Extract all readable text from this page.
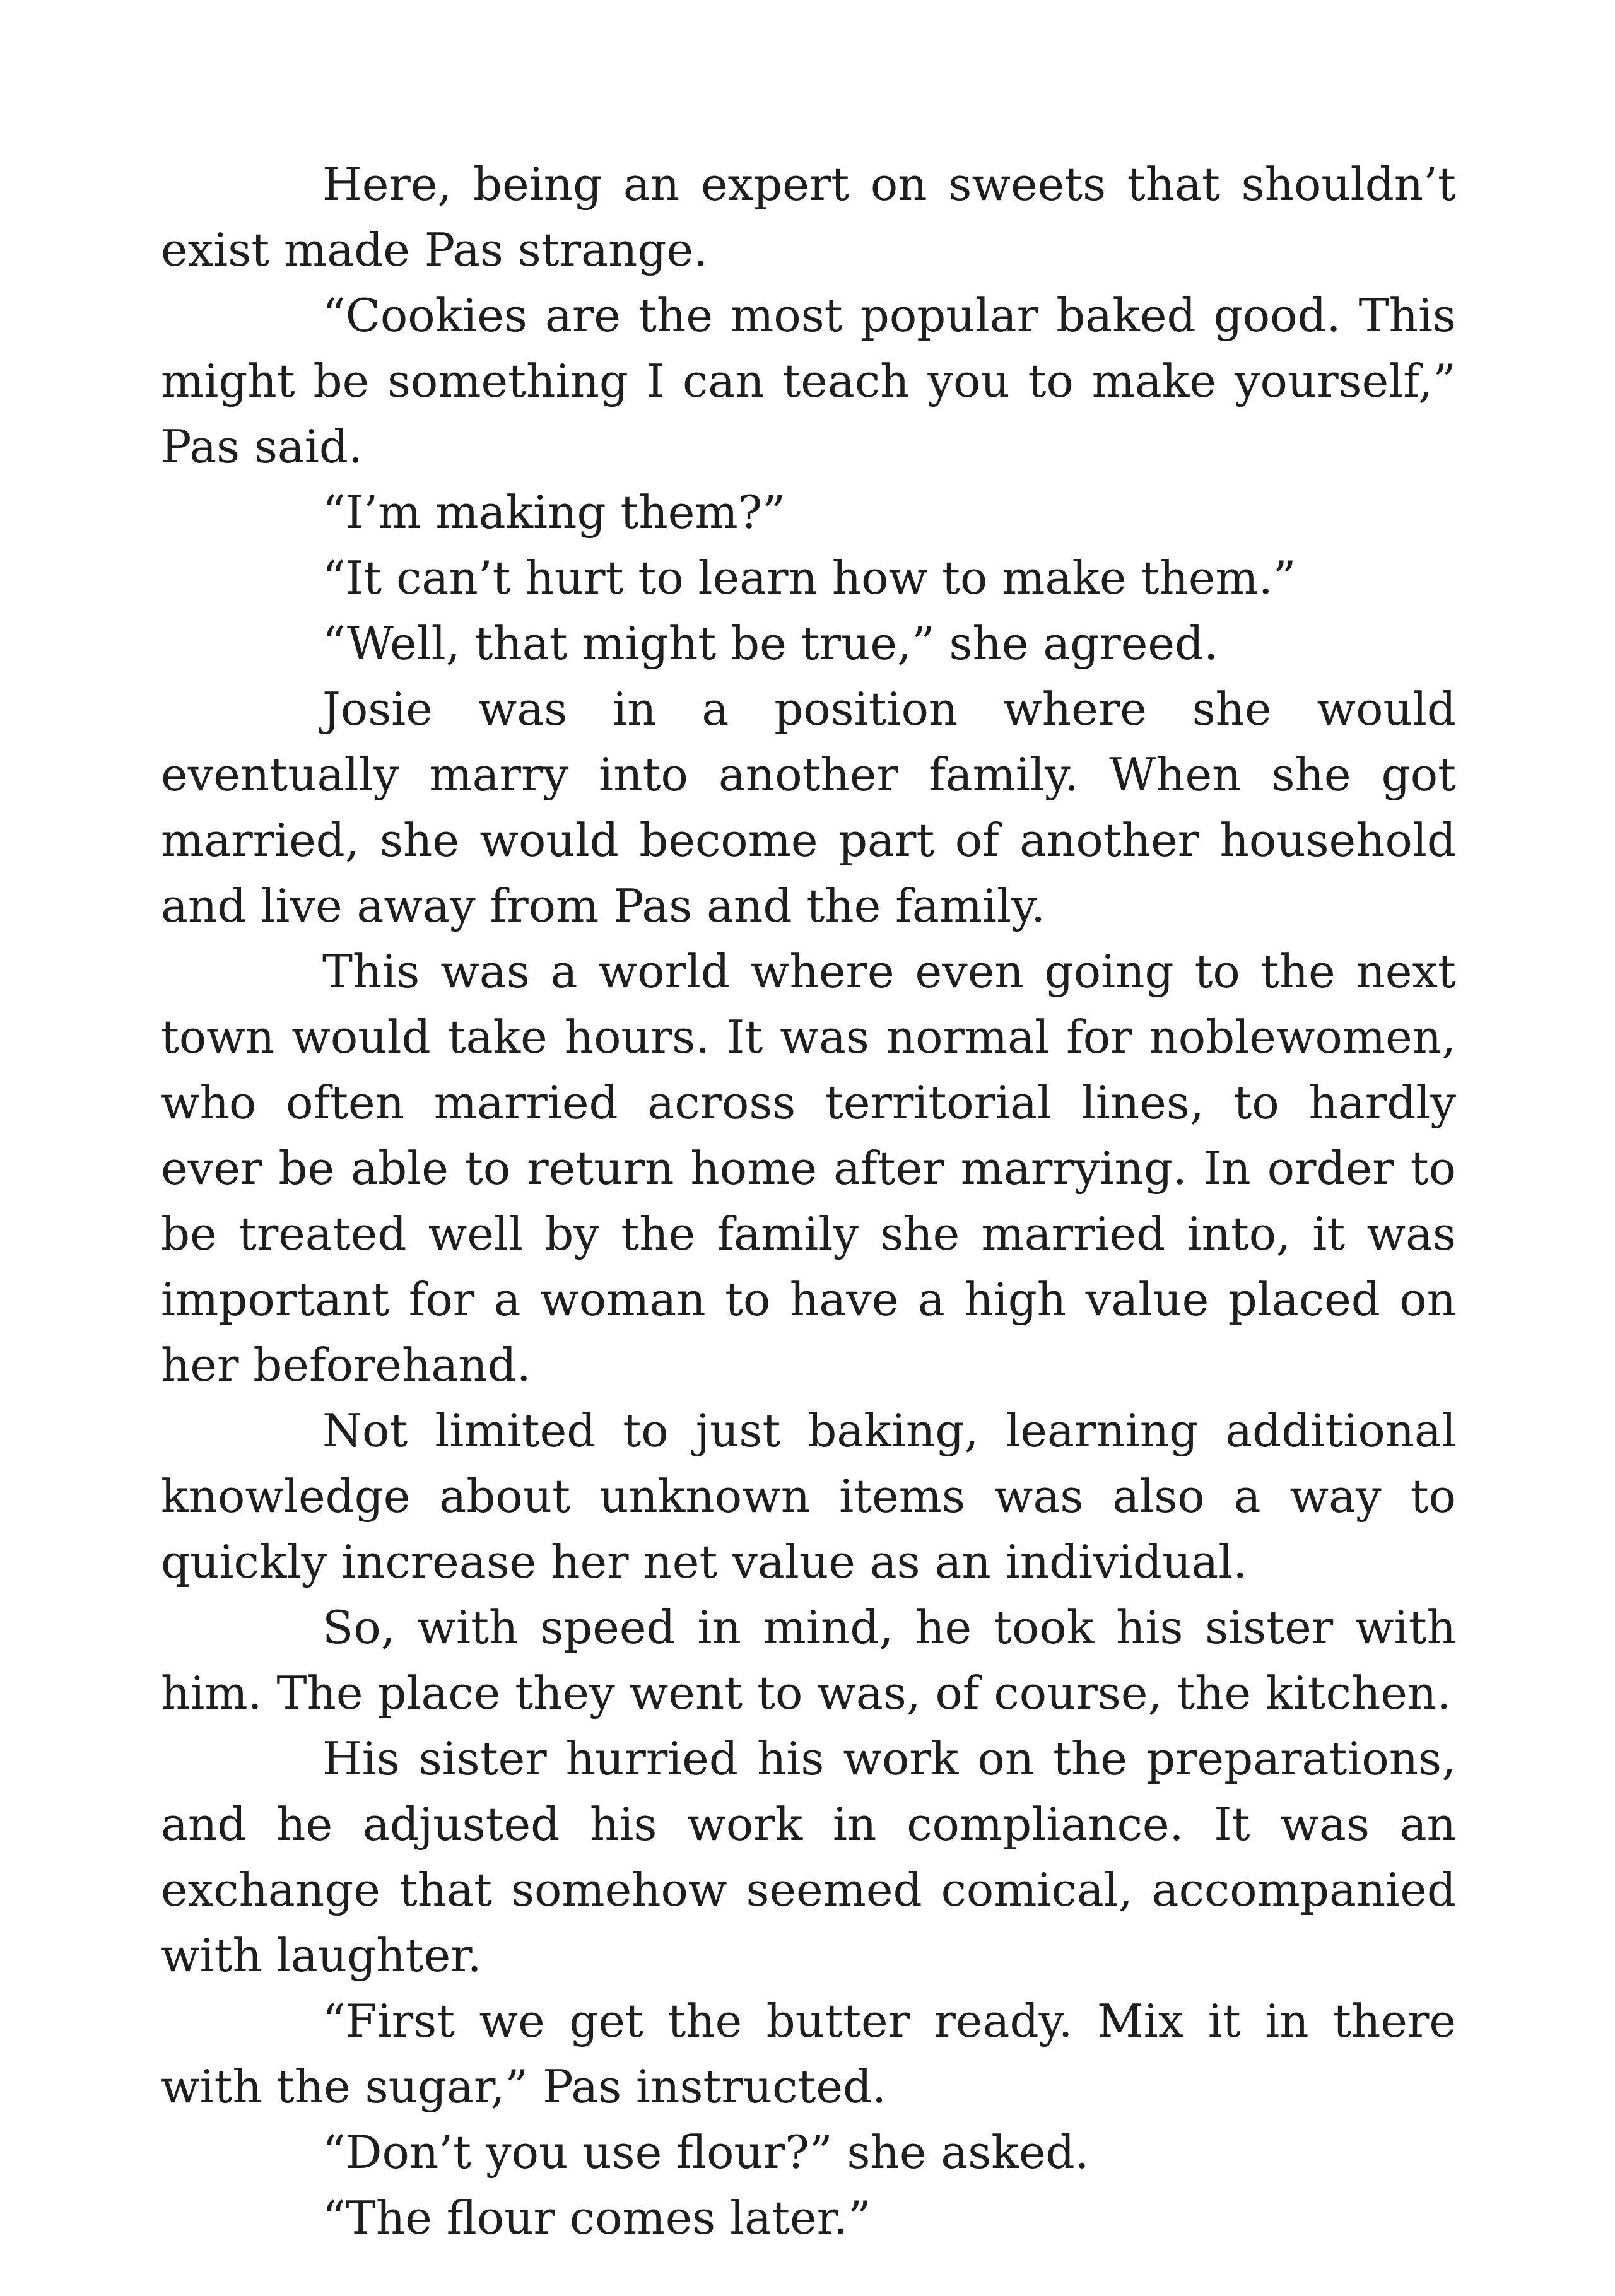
Here, being an expert on sweets that shouldn’t exist made Pas strange.

“Cookies are the most popular baked good. This might be something I can teach you to make yourself,” Pas said.

“I’m making them?”

“It can’t hurt to learn how to make them.”

“Well, that might be true,” she agreed.

Josie was in a position where she would eventually marry into another family. When she got married, she would become part of another household and live away from Pas and the family.

This was a world where even going to the next town would take hours. It was normal for noblewomen, who often married across territorial lines, to hardly ever be able to return home after marrying. In order to be treated well by the family she married into, it was important for a woman to have a high value placed on her beforehand.

Not limited to just baking, learning additional knowledge about unknown items was also a way to quickly increase her net value as an individual.

So, with speed in mind, he took his sister with him. The place they went to was, of course, the kitchen.

His sister hurried his work on the preparations, and he adjusted his work in compliance. It was an exchange that somehow seemed comical, accompanied with laughter.

“First we get the butter ready. Mix it in there with the sugar,” Pas instructed.

“Don’t you use flour?” she asked.

“The flour comes later.”
